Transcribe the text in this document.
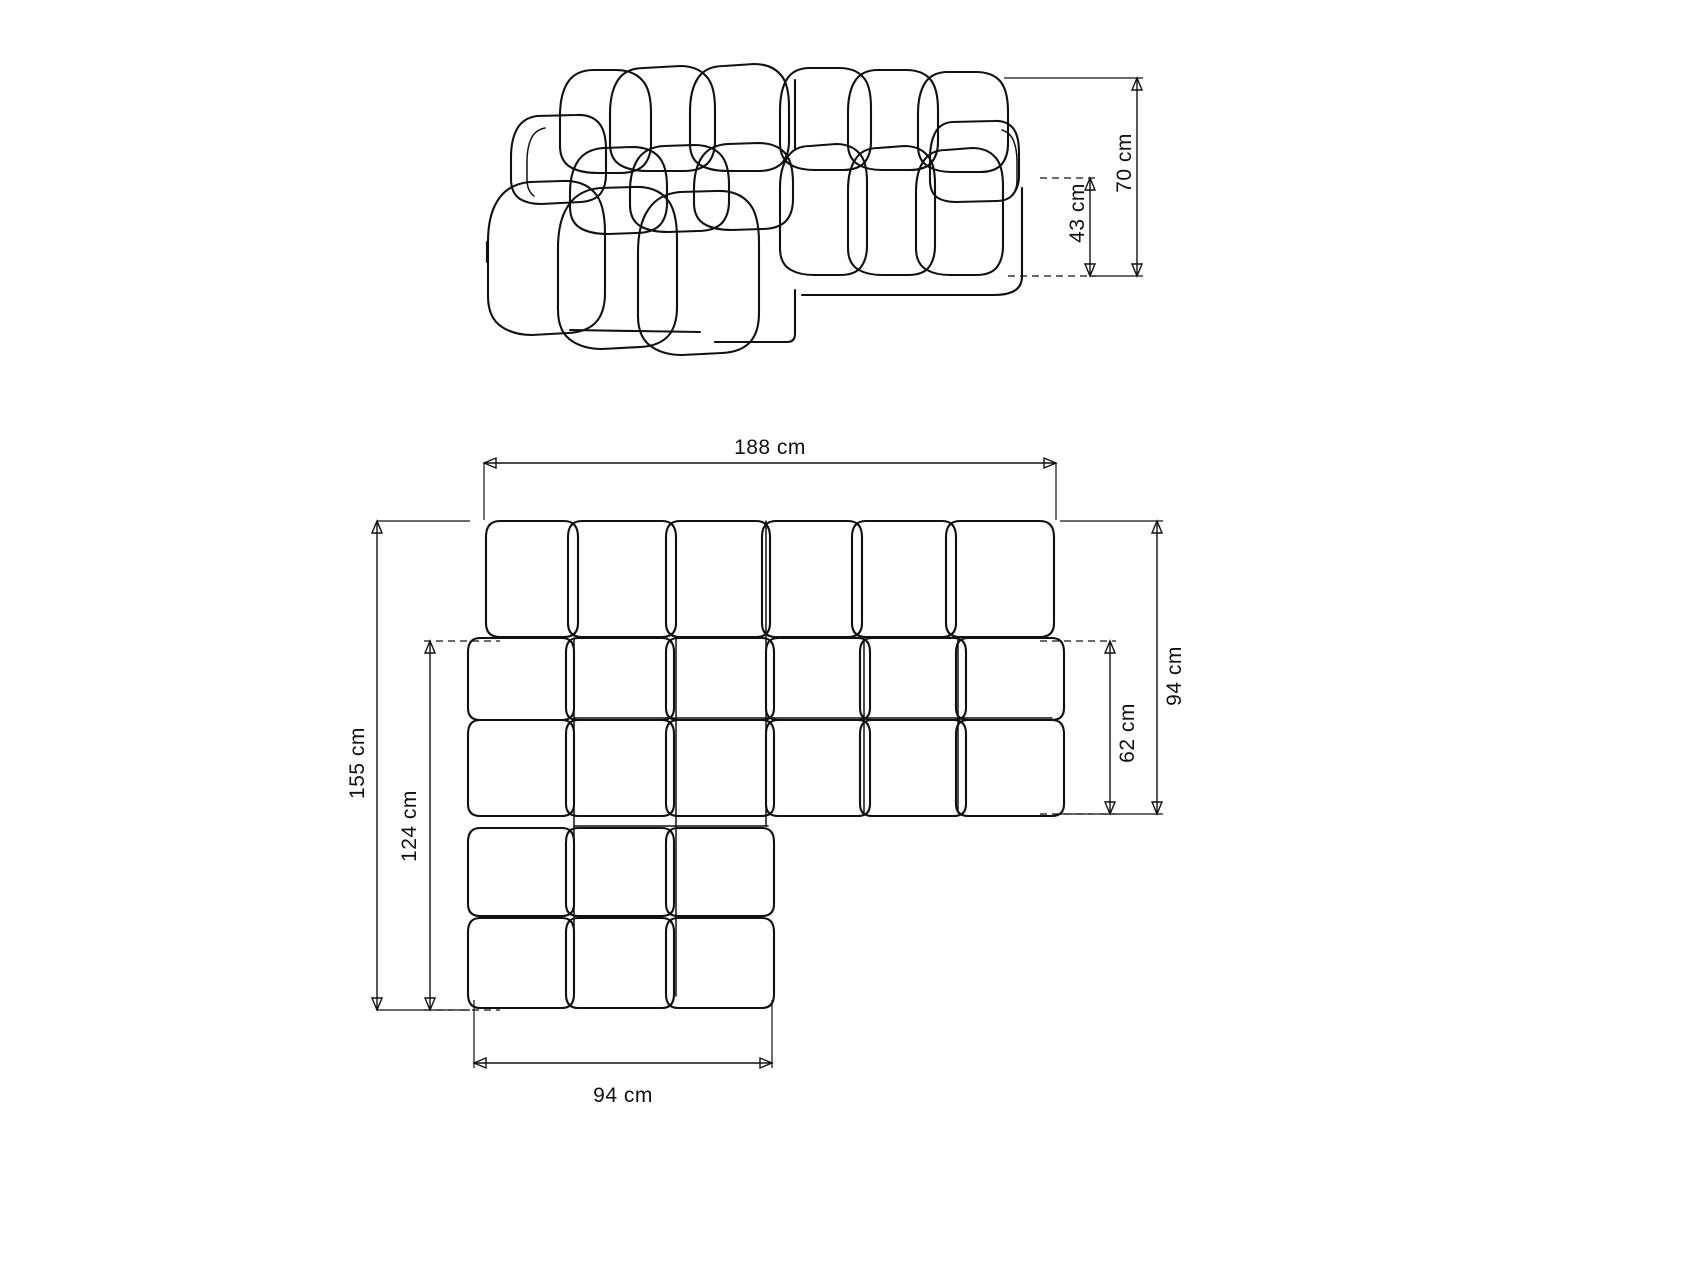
70 cm
43 cm
188 cm
155 cm
124 cm
94 cm
62 cm
94 cm
